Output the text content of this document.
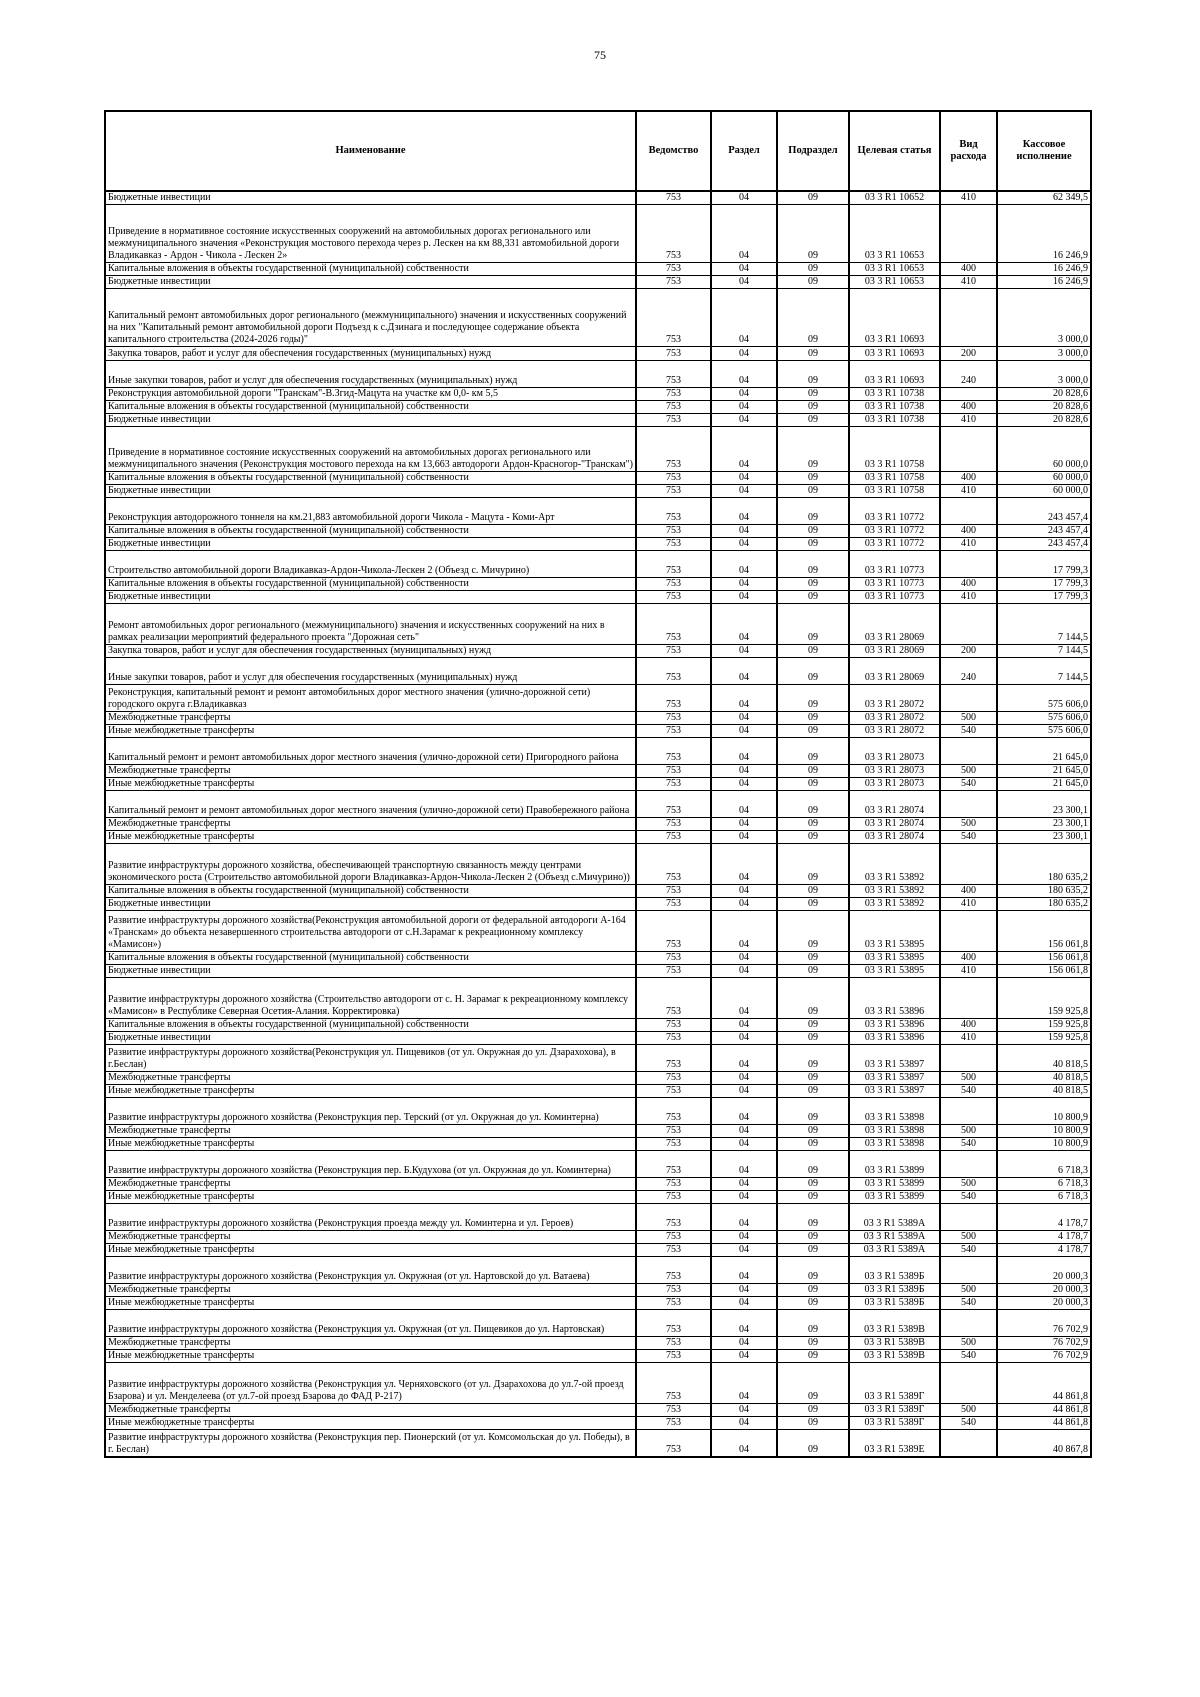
75
Наименование	Ведомство	Раздел	Подраздел	Целевая статья	Вид расхода	Кассовое исполнение
Бюджетные инвестиции	753	04	09	03 3 R1 10652	410	62 349,5
Приведение в нормативное состояние искусственных сооружений на автомобильных дорогах регионального или межмуниципального значения «Реконструкция мостового перехода через р. Лескен на км 88,331 автомобильной дороги Владикавказ - Ардон - Чикола - Лескен 2»	753	04	09	03 3 R1 10653		16 246,9
Капитальные вложения в объекты государственной (муниципальной) собственности	753	04	09	03 3 R1 10653	400	16 246,9
Бюджетные инвестиции	753	04	09	03 3 R1 10653	410	16 246,9
Капитальный ремонт автомобильных дорог регионального (межмуниципального) значения и искусственных сооружений на них "Капитальный ремонт автомобильной дороги Подъезд к с.Дзинага и последующее содержание объекта капитального строительства (2024-2026 годы)"	753	04	09	03 3 R1 10693		3 000,0
Закупка товаров, работ и услуг для обеспечения государственных (муниципальных) нужд	753	04	09	03 3 R1 10693	200	3 000,0
Иные закупки товаров, работ и услуг для обеспечения государственных (муниципальных) нужд	753	04	09	03 3 R1 10693	240	3 000,0
Реконструкция автомобильной дороги "Транскам"-В.Згид-Мацута на участке км 0,0- км 5,5	753	04	09	03 3 R1 10738		20 828,6
Капитальные вложения в объекты государственной (муниципальной) собственности	753	04	09	03 3 R1 10738	400	20 828,6
Бюджетные инвестиции	753	04	09	03 3 R1 10738	410	20 828,6
Приведение в нормативное состояние искусственных сооружений на автомобильных дорогах регионального или межмуниципального значения (Реконструкция мостового перехода на км 13,663 автодороги Ардон-Красногор-"Транскам")	753	04	09	03 3 R1 10758		60 000,0
Капитальные вложения в объекты государственной (муниципальной) собственности	753	04	09	03 3 R1 10758	400	60 000,0
Бюджетные инвестиции	753	04	09	03 3 R1 10758	410	60 000,0
Реконструкция автодорожного тоннеля на км.21,883 автомобильной дороги Чикола - Мацута - Коми-Арт	753	04	09	03 3 R1 10772		243 457,4
Капитальные вложения в объекты государственной (муниципальной) собственности	753	04	09	03 3 R1 10772	400	243 457,4
Бюджетные инвестиции	753	04	09	03 3 R1 10772	410	243 457,4
Строительство автомобильной дороги Владикавказ-Ардон-Чикола-Лескен 2 (Объезд с. Мичурино)	753	04	09	03 3 R1 10773		17 799,3
Капитальные вложения в объекты государственной (муниципальной) собственности	753	04	09	03 3 R1 10773	400	17 799,3
Бюджетные инвестиции	753	04	09	03 3 R1 10773	410	17 799,3
Ремонт автомобильных дорог регионального (межмуниципального) значения и искусственных сооружений на них в рамках реализации мероприятий федерального проекта "Дорожная сеть"	753	04	09	03 3 R1 28069		7 144,5
Закупка товаров, работ и услуг для обеспечения государственных (муниципальных) нужд	753	04	09	03 3 R1 28069	200	7 144,5
Иные закупки товаров, работ и услуг для обеспечения государственных (муниципальных) нужд	753	04	09	03 3 R1 28069	240	7 144,5
Реконструкция, капитальный ремонт и ремонт автомобильных дорог местного значения (улично-дорожной сети) городского округа г.Владикавказ	753	04	09	03 3 R1 28072		575 606,0
Межбюджетные трансферты	753	04	09	03 3 R1 28072	500	575 606,0
Иные межбюджетные трансферты	753	04	09	03 3 R1 28072	540	575 606,0
Капитальный ремонт и ремонт автомобильных дорог местного значения (улично-дорожной сети) Пригородного района	753	04	09	03 3 R1 28073		21 645,0
Межбюджетные трансферты	753	04	09	03 3 R1 28073	500	21 645,0
Иные межбюджетные трансферты	753	04	09	03 3 R1 28073	540	21 645,0
Капитальный ремонт и ремонт автомобильных дорог местного значения (улично-дорожной сети) Правобережного района	753	04	09	03 3 R1 28074		23 300,1
Межбюджетные трансферты	753	04	09	03 3 R1 28074	500	23 300,1
Иные межбюджетные трансферты	753	04	09	03 3 R1 28074	540	23 300,1
Развитие инфраструктуры дорожного хозяйства, обеспечивающей транспортную связанность между центрами экономического роста (Строительство автомобильной дороги Владикавказ-Ардон-Чикола-Лескен 2 (Объезд с.Мичурино))	753	04	09	03 3 R1 53892		180 635,2
Капитальные вложения в объекты государственной (муниципальной) собственности	753	04	09	03 3 R1 53892	400	180 635,2
Бюджетные инвестиции	753	04	09	03 3 R1 53892	410	180 635,2
Развитие инфраструктуры дорожного хозяйства(Реконструкция автомобильной дороги от федеральной автодороги А-164 «Транскам» до объекта незавершенного строительства автодороги от с.Н.Зарамаг к рекреационному комплексу «Мамисон»)	753	04	09	03 3 R1 53895		156 061,8
Капитальные вложения в объекты государственной (муниципальной) собственности	753	04	09	03 3 R1 53895	400	156 061,8
Бюджетные инвестиции	753	04	09	03 3 R1 53895	410	156 061,8
Развитие инфраструктуры дорожного хозяйства (Строительство автодороги от с. Н. Зарамаг к рекреационному комплексу «Мамисон» в Республике Северная Осетия-Алания. Корректировка)	753	04	09	03 3 R1 53896		159 925,8
Капитальные вложения в объекты государственной (муниципальной) собственности	753	04	09	03 3 R1 53896	400	159 925,8
Бюджетные инвестиции	753	04	09	03 3 R1 53896	410	159 925,8
Развитие инфраструктуры дорожного хозяйства(Реконструкция ул. Пищевиков (от ул. Окружная до ул. Дзарахохова), в г.Беслан)	753	04	09	03 3 R1 53897		40 818,5
Межбюджетные трансферты	753	04	09	03 3 R1 53897	500	40 818,5
Иные межбюджетные трансферты	753	04	09	03 3 R1 53897	540	40 818,5
Развитие инфраструктуры дорожного хозяйства (Реконструкция пер. Терский (от ул. Окружная до ул. Коминтерна)	753	04	09	03 3 R1 53898		10 800,9
Межбюджетные трансферты	753	04	09	03 3 R1 53898	500	10 800,9
Иные межбюджетные трансферты	753	04	09	03 3 R1 53898	540	10 800,9
Развитие инфраструктуры дорожного хозяйства (Реконструкция пер. Б.Кудухова (от ул. Окружная до ул. Коминтерна)	753	04	09	03 3 R1 53899		6 718,3
Межбюджетные трансферты	753	04	09	03 3 R1 53899	500	6 718,3
Иные межбюджетные трансферты	753	04	09	03 3 R1 53899	540	6 718,3
Развитие инфраструктуры дорожного хозяйства (Реконструкция проезда между ул. Коминтерна и ул. Героев)	753	04	09	03 3 R1 5389А		4 178,7
Межбюджетные трансферты	753	04	09	03 3 R1 5389А	500	4 178,7
Иные межбюджетные трансферты	753	04	09	03 3 R1 5389А	540	4 178,7
Развитие инфраструктуры дорожного хозяйства (Реконструкция ул. Окружная (от ул. Нартовской до ул. Ватаева)	753	04	09	03 3 R1 5389Б		20 000,3
Межбюджетные трансферты	753	04	09	03 3 R1 5389Б	500	20 000,3
Иные межбюджетные трансферты	753	04	09	03 3 R1 5389Б	540	20 000,3
Развитие инфраструктуры дорожного хозяйства (Реконструкция ул. Окружная (от ул. Пищевиков до ул. Нартовская)	753	04	09	03 3 R1 5389В		76 702,9
Межбюджетные трансферты	753	04	09	03 3 R1 5389В	500	76 702,9
Иные межбюджетные трансферты	753	04	09	03 3 R1 5389В	540	76 702,9
Развитие инфраструктуры дорожного хозяйства (Реконструкция ул. Черняховского (от ул. Дзарахохова до ул.7-ой проезд Бзарова) и ул. Менделеева (от ул.7-ой проезд Бзарова до ФАД Р-217)	753	04	09	03 3 R1 5389Г		44 861,8
Межбюджетные трансферты	753	04	09	03 3 R1 5389Г	500	44 861,8
Иные межбюджетные трансферты	753	04	09	03 3 R1 5389Г	540	44 861,8
Развитие инфраструктуры дорожного хозяйства (Реконструкция пер. Пионерский (от ул. Комсомольская до ул. Победы), в г. Беслан)	753	04	09	03 3 R1 5389Е		40 867,8
